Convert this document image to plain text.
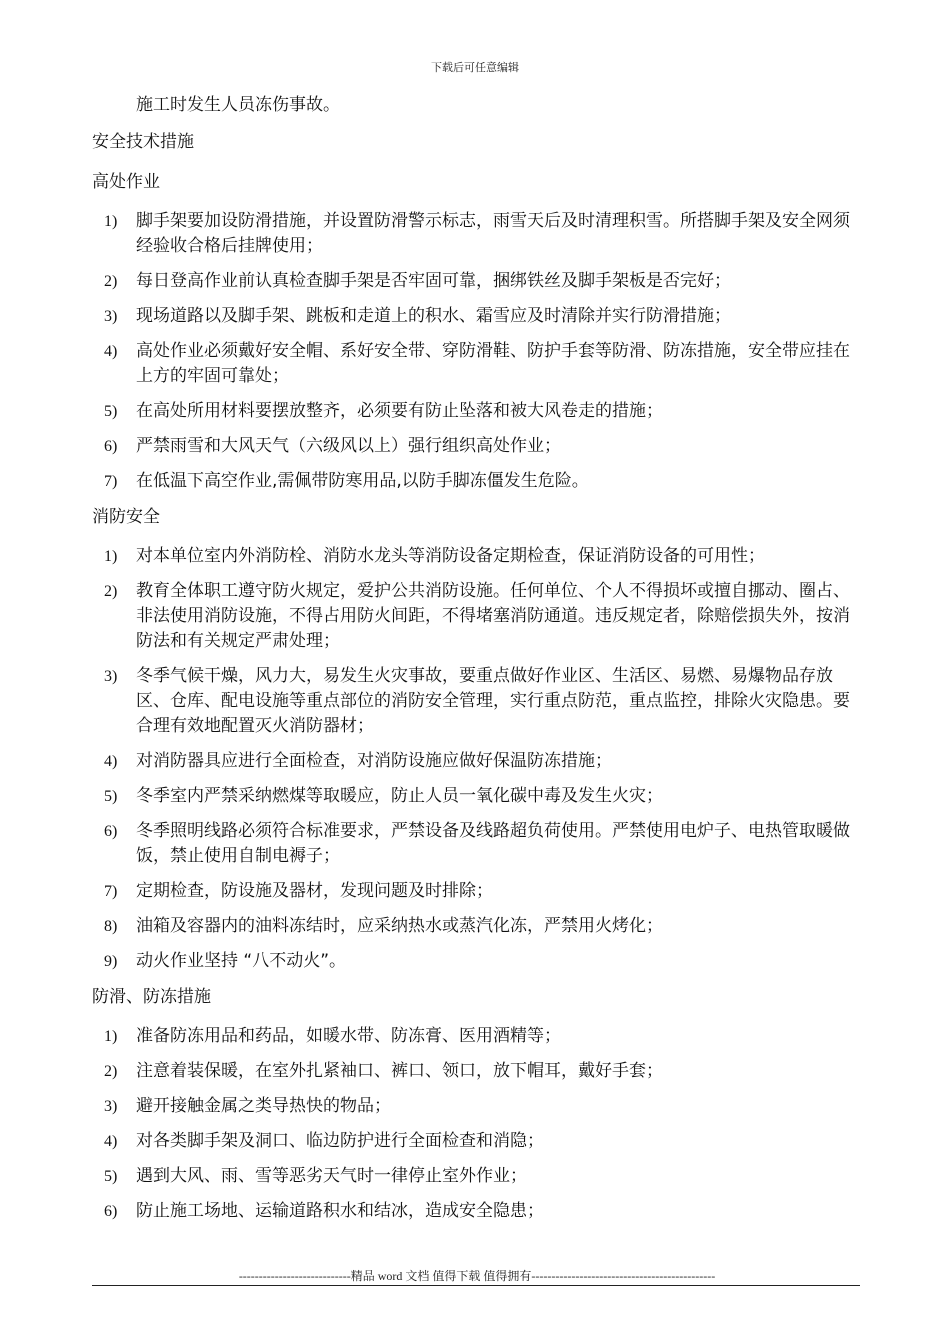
下载后可任意编辑
施工时发生人员冻伤事故。
安全技术措施
高处作业
1) 脚手架要加设防滑措施，并设置防滑警示标志，雨雪天后及时清理积雪。所搭脚手架及安全网须经验收合格后挂牌使用；
2) 每日登高作业前认真检查脚手架是否牢固可靠，捆绑铁丝及脚手架板是否完好；
3) 现场道路以及脚手架、跳板和走道上的积水、霜雪应及时清除并实行防滑措施；
4) 高处作业必须戴好安全帽、系好安全带、穿防滑鞋、防护手套等防滑、防冻措施，安全带应挂在上方的牢固可靠处；
5) 在高处所用材料要摆放整齐，必须要有防止坠落和被大风卷走的措施；
6) 严禁雨雪和大风天气（六级风以上）强行组织高处作业；
7) 在低温下高空作业,需佩带防寒用品,以防手脚冻僵发生危险。
消防安全
1) 对本单位室内外消防栓、消防水龙头等消防设备定期检查，保证消防设备的可用性；
2) 教育全体职工遵守防火规定，爱护公共消防设施。任何单位、个人不得损坏或擅自挪动、圈占、非法使用消防设施，不得占用防火间距，不得堵塞消防通道。违反规定者，除赔偿损失外，按消防法和有关规定严肃处理；
3) 冬季气候干燥，风力大，易发生火灾事故，要重点做好作业区、生活区、易燃、易爆物品存放区、仓库、配电设施等重点部位的消防安全管理，实行重点防范，重点监控，排除火灾隐患。要合理有效地配置灭火消防器材；
4) 对消防器具应进行全面检查，对消防设施应做好保温防冻措施；
5) 冬季室内严禁采纳燃煤等取暖应，防止人员一氧化碳中毒及发生火灾；
6) 冬季照明线路必须符合标准要求，严禁设备及线路超负荷使用。严禁使用电炉子、电热管取暖做饭，禁止使用自制电褥子；
7) 定期检查，防设施及器材，发现问题及时排除；
8) 油箱及容器内的油料冻结时，应采纳热水或蒸汽化冻，严禁用火烤化；
9) 动火作业坚持 “八不动火”。
防滑、防冻措施
1) 准备防冻用品和药品，如暖水带、防冻膏、医用酒精等；
2) 注意着装保暖，在室外扎紧袖口、裤口、领口，放下帽耳，戴好手套；
3) 避开接触金属之类导热快的物品；
4) 对各类脚手架及洞口、临边防护进行全面检查和消隐；
5) 遇到大风、雨、雪等恶劣天气时一律停止室外作业；
6) 防止施工场地、运输道路积水和结冰，造成安全隐患；
----------------------------精品 word 文档 值得下载 值得拥有----------------------------------------------
